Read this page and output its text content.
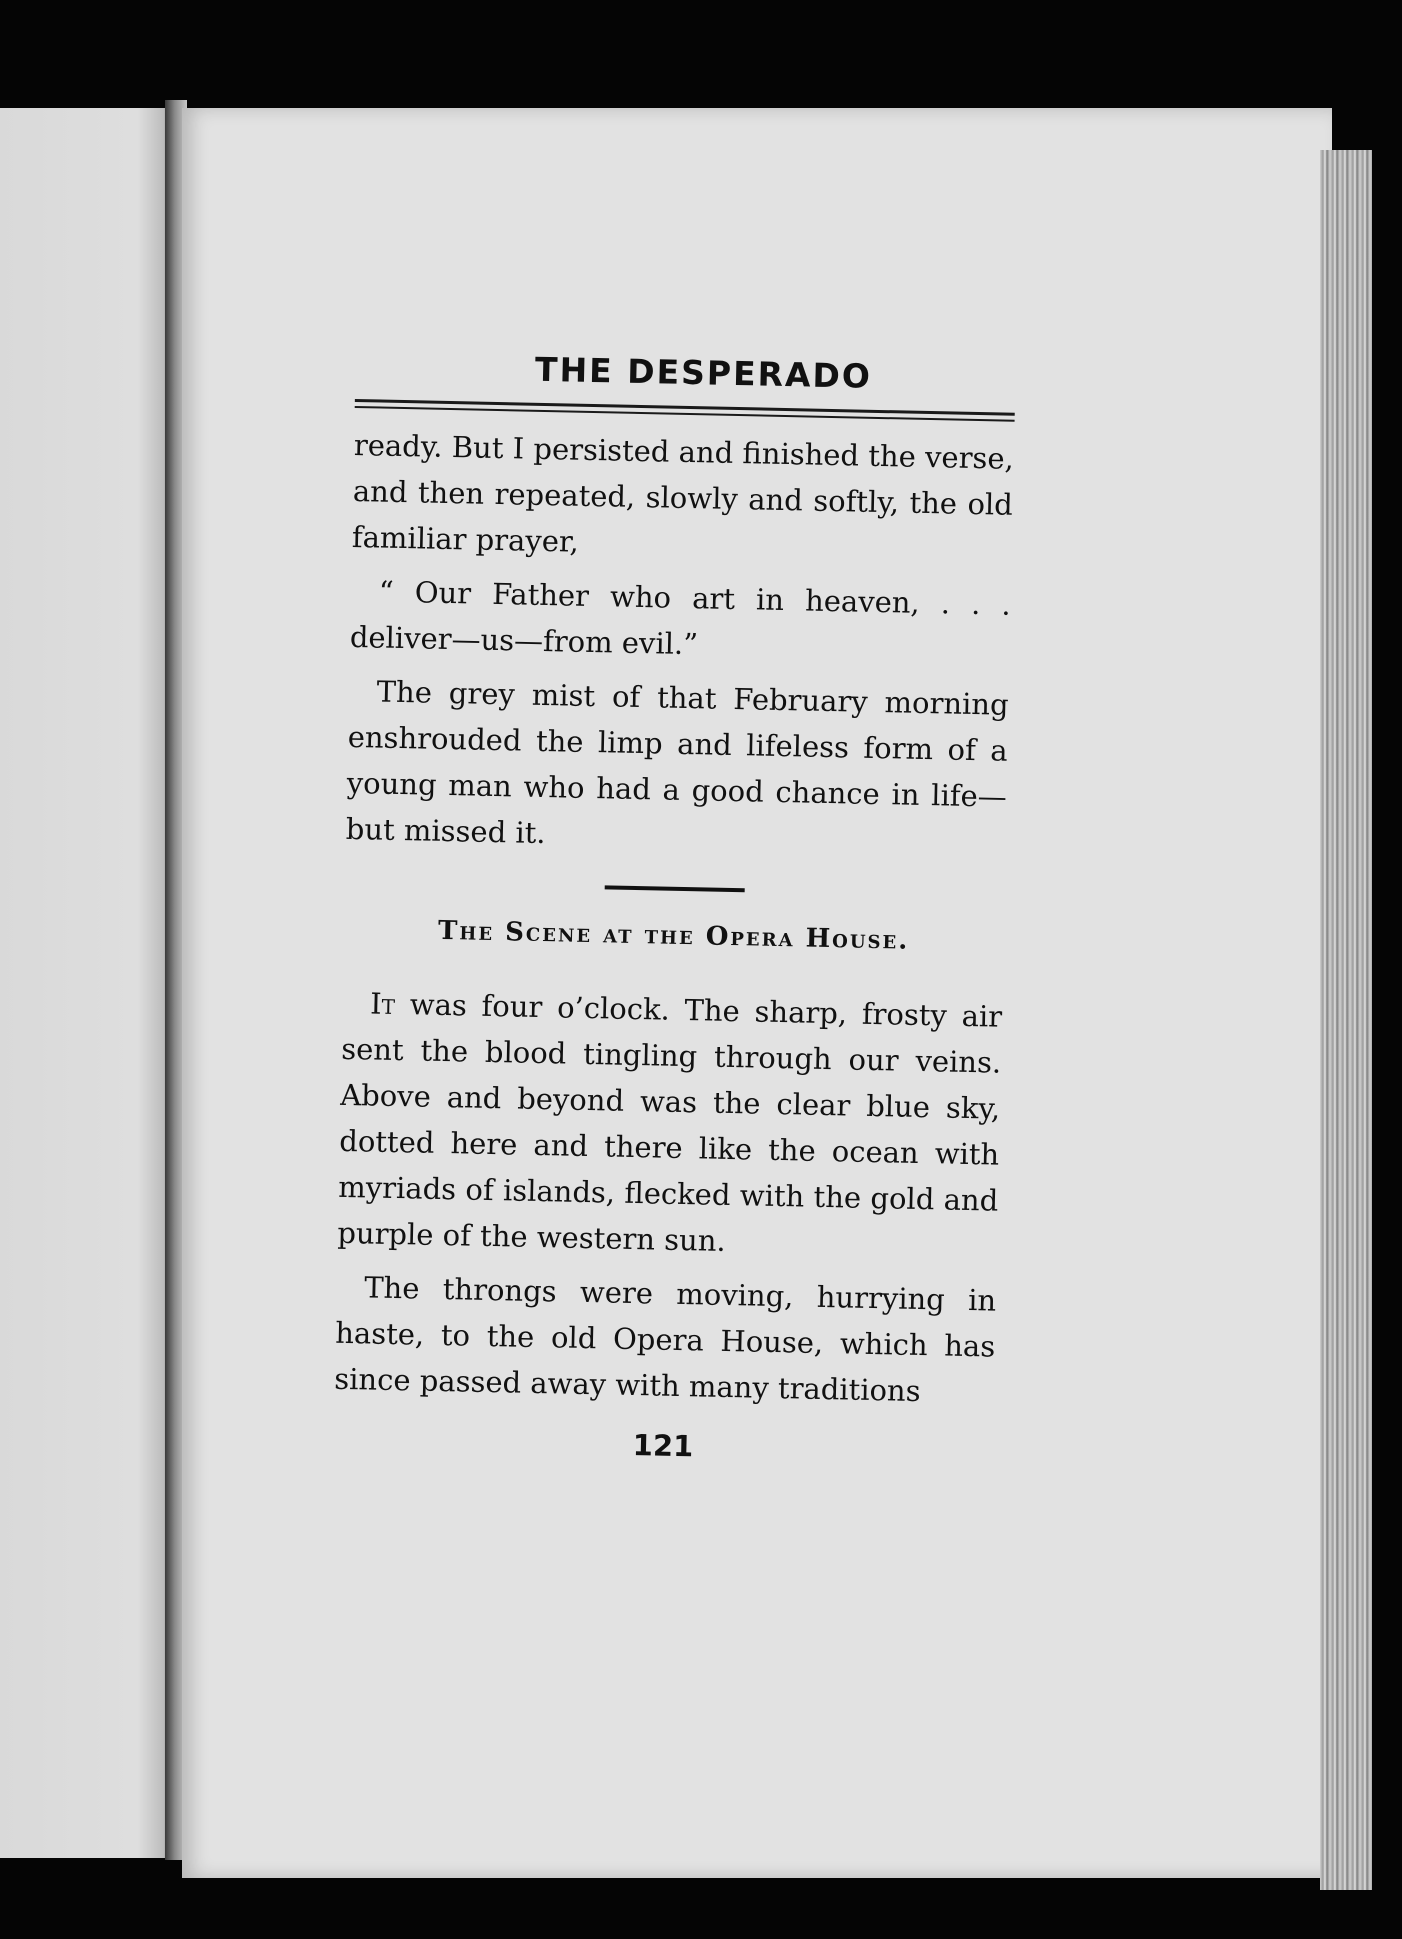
THE DESPERADO

ready. But I persisted and finished the verse, and then repeated, slowly and softly, the old familiar prayer,

“ Our Father who art in heaven, . . . deliver—us—from evil.”

The grey mist of that February morning enshrouded the limp and lifeless form of a young man who had a good chance in life—but missed it.

The Scene at the Opera House.

It was four o’clock. The sharp, frosty air sent the blood tingling through our veins. Above and beyond was the clear blue sky, dotted here and there like the ocean with myriads of islands, flecked with the gold and purple of the western sun.

The throngs were moving, hurrying in haste, to the old Opera House, which has since passed away with many traditions

121
